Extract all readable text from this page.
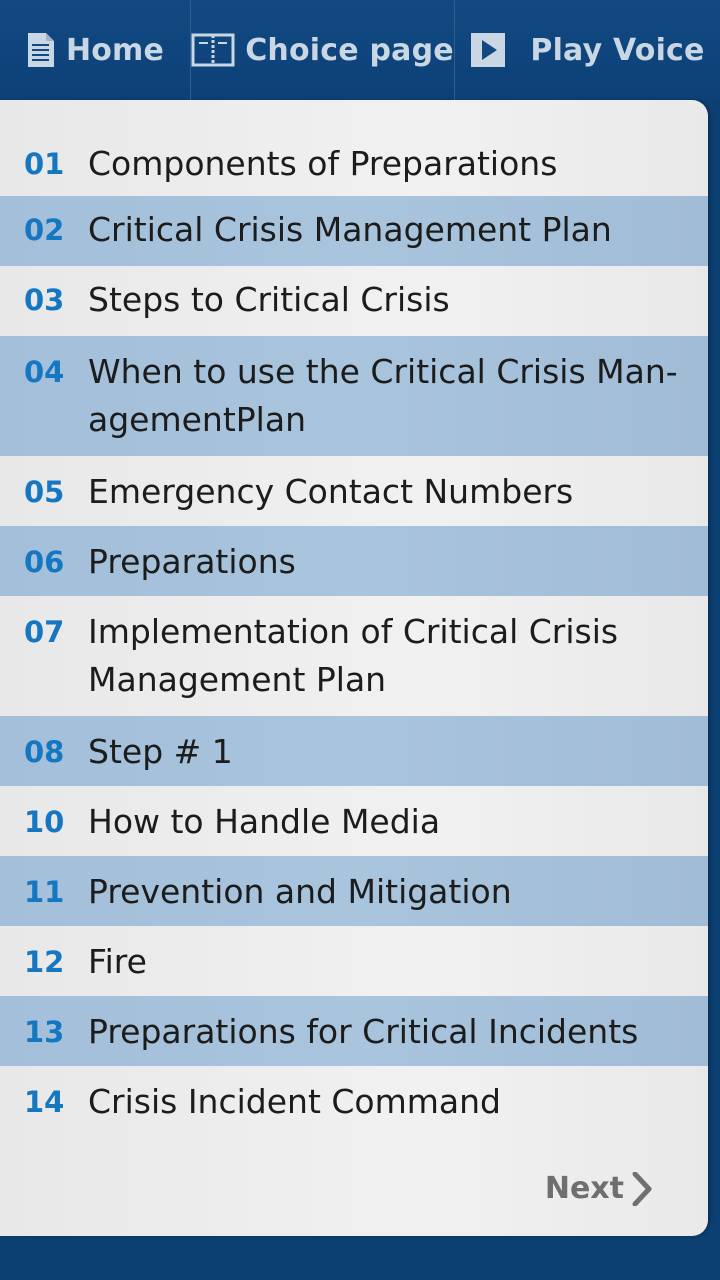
Home	Choice page	Play Voice
01 Components of Preparations
02 Critical Crisis Management Plan
03 Steps to Critical Crisis
04 When to use the Critical Crisis Man-agementPlan
05 Emergency Contact Numbers
06 Preparations
07 Implementation of Critical Crisis Management Plan
08 Step # 1
10 How to Handle Media
11 Prevention and Mitigation
12 Fire
13 Preparations for Critical Incidents
14 Crisis Incident Command
Next
